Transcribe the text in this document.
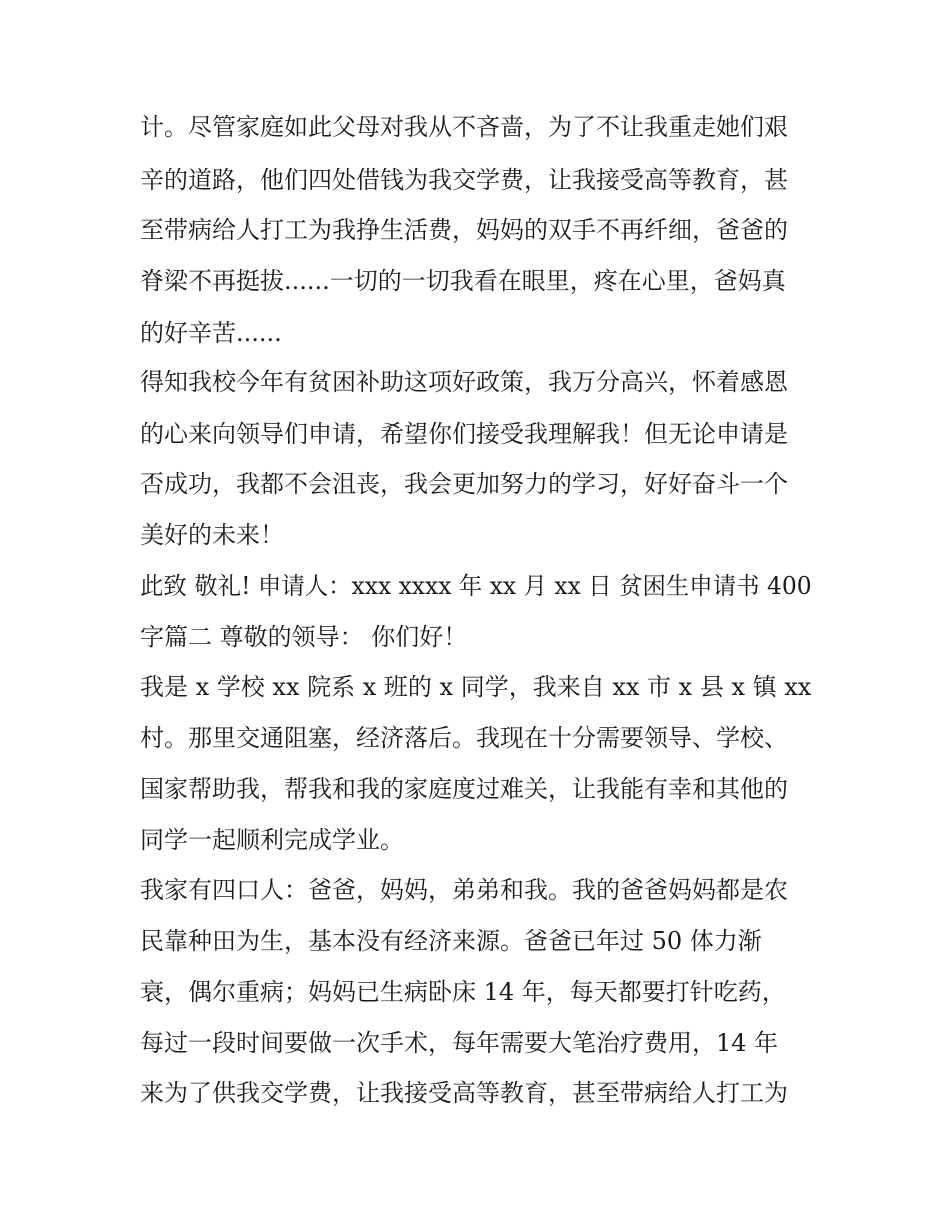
计。尽管家庭如此父母对我从不吝啬，为了不让我重走她们艰
辛的道路，他们四处借钱为我交学费，让我接受高等教育，甚
至带病给人打工为我挣生活费，妈妈的双手不再纤细，爸爸的
脊梁不再挺拔......一切的一切我看在眼里，疼在心里，爸妈真
的好辛苦......
得知我校今年有贫困补助这项好政策，我万分高兴，怀着感恩
的心来向领导们申请，希望你们接受我理解我！但无论申请是
否成功，我都不会沮丧，我会更加努力的学习，好好奋斗一个
美好的未来！
此致 敬礼! 申请人：xxx xxxx 年 xx 月 xx 日 贫困生申请书 400
字篇二 尊敬的领导： 你们好！
我是 x 学校 xx 院系 x 班的 x 同学，我来自 xx 市 x 县 x 镇 xx
村。那里交通阻塞，经济落后。我现在十分需要领导、学校、
国家帮助我，帮我和我的家庭度过难关，让我能有幸和其他的
同学一起顺利完成学业。
我家有四口人：爸爸，妈妈，弟弟和我。我的爸爸妈妈都是农
民靠种田为生，基本没有经济来源。爸爸已年过 50 体力渐
衰，偶尔重病；妈妈已生病卧床 14 年，每天都要打针吃药，
每过一段时间要做一次手术，每年需要大笔治疗费用，14 年
来为了供我交学费，让我接受高等教育，甚至带病给人打工为
